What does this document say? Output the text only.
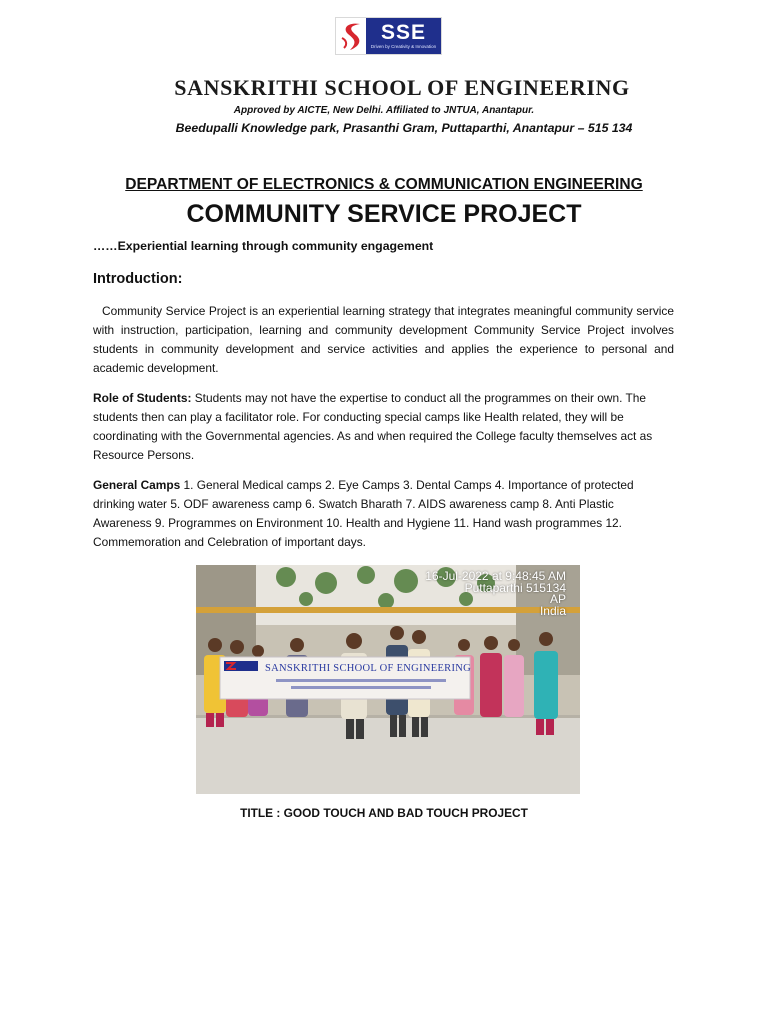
SSE
Driven by Creativity & Innovation
SANSKRITHI SCHOOL OF ENGINEERING
Approved by AICTE, New Delhi. Affiliated to JNTUA, Anantapur.
Beedupalli Knowledge park, Prasanthi Gram, Puttaparthi, Anantapur – 515 134
DEPARTMENT OF ELECTRONICS & COMMUNICATION ENGINEERING
COMMUNITY SERVICE PROJECT
……Experiential learning through community engagement
Introduction:
Community Service Project is an experiential learning strategy that integrates meaningful community service with instruction, participation, learning and community development Community Service Project involves students in community development and service activities and applies the experience to personal and academic development.
Role of Students: Students may not have the expertise to conduct all the programmes on their own. The students then can play a facilitator role. For conducting special camps like Health related, they will be coordinating with the Governmental agencies. As and when required the College faculty themselves act as Resource Persons.
General Camps 1. General Medical camps 2. Eye Camps 3. Dental Camps 4. Importance of protected drinking water 5. ODF awareness camp 6. Swatch Bharath 7. AIDS awareness camp 8. Anti Plastic Awareness 9. Programmes on Environment 10. Health and Hygiene 11. Hand wash programmes 12. Commemoration and Celebration of important days.
SANSKRITHI SCHOOL OF ENGINEERING
16-Jul-2022 at 9:48:45 AM
Puttaparthi 515134
AP
India
TITLE : GOOD TOUCH AND BAD TOUCH PROJECT
